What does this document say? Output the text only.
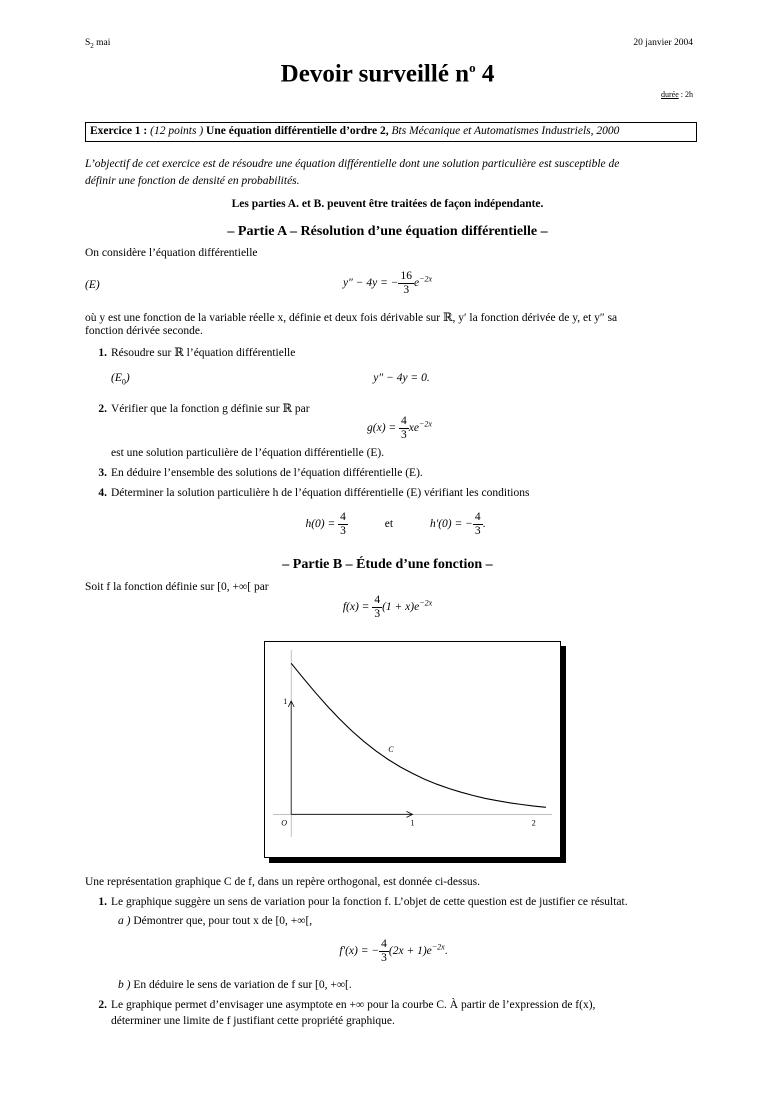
$S_2$ mai	20 janvier 2004
Devoir surveillé $n^o$ 4
durée : 2h
Exercice 1 : (12 points ) Une équation différentielle d’ordre 2, Bts Mécanique et Automatismes Industriels, 2000
L’objectif de cet exercice est de résoudre une équation différentielle dont une solution particulière est susceptible de
définir une fonction de densité en probabilités.
Les parties A. et B. peuvent être traitées de façon indépendante.
– Partie A – Résolution d’une équation différentielle –
On considère l’équation différentielle
(E)	y″ − 4y = − $\frac{16}{3} e^{-2x}$
où y est une fonction de la variable réelle x, définie et deux fois dérivable sur ℝ, y′ la fonction dérivée de y, et y″ sa
fonction dérivée seconde.
1. Résoudre sur ℝ l’équation différentielle
$(E_0)$	y″ − 4y = 0.
2. Vérifier que la fonction g définie sur ℝ par
$g(x) = \frac{4}{3} xe^{-2x}$
est une solution particulière de l’équation différentielle (E).
3. En déduire l’ensemble des solutions de l’équation différentielle (E).
4. Déterminer la solution particulière h de l’équation différentielle (E) vérifiant les conditions
$h(0) = \frac{4}{3}$	et	h′(0) = − $\frac{4}{3}$ .
– Partie B – Étude d’une fonction –
Soit f la fonction définie sur [0, +∞[ par
$f(x) = \frac{4}{3} (1 + x)e^{-2x}$
O	1	2
1
C
Une représentation graphique C de f, dans un repère orthogonal, est donnée ci-dessus.
1. Le graphique suggère un sens de variation pour la fonction f. L’objet de cette question est de justifier ce résultat.
a ) Démontrer que, pour tout x de [0, +∞[,
f′(x) = − $\frac{4}{3} (2x + 1)e^{-2x}$.
b ) En déduire le sens de variation de f sur [0, +∞[.
2. Le graphique permet d’envisager une asymptote en +∞ pour la courbe C. À partir de l’expression de f(x),
déterminer une limite de f justifiant cette propriété graphique.
